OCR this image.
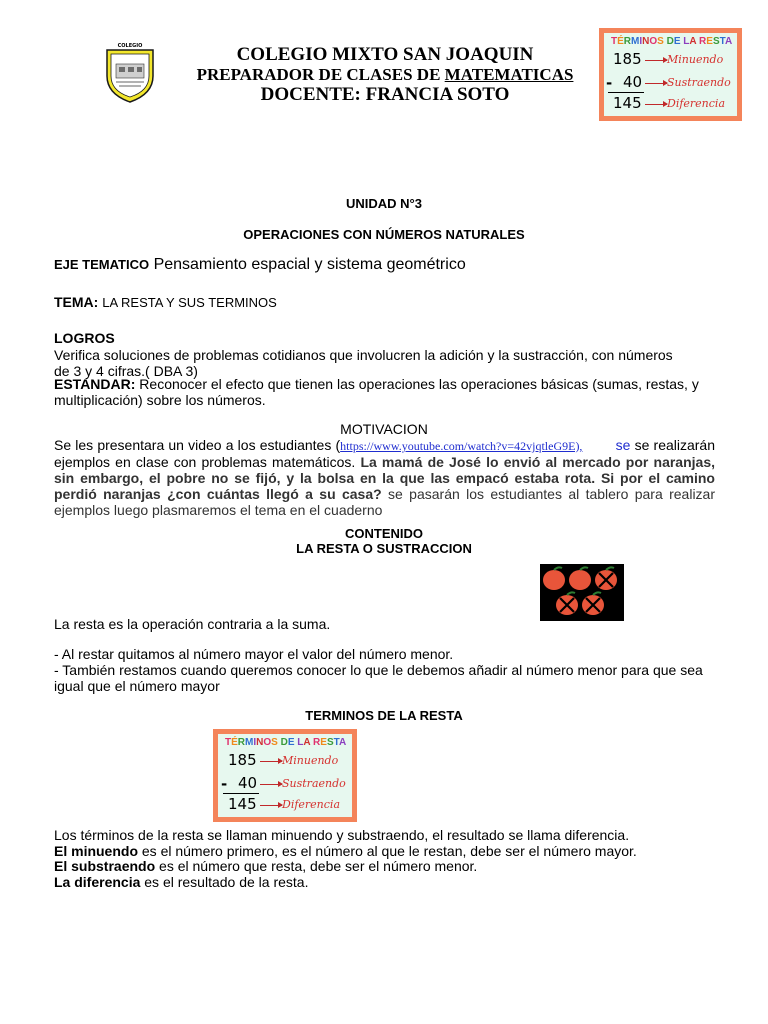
COLEGIO	COLEGIO MIXTO SAN JOAQUIN
PREPARADOR DE CLASES DE MATEMATICAS
DOCENTE: FRANCIA SOTO
TÉRMINOS DE LA RESTA
185 Minuendo
- 40 Sustraendo
145 Diferencia
UNIDAD N°3
OPERACIONES CON NÚMEROS NATURALES
EJE TEMATICO Pensamiento espacial y sistema geométrico
TEMA: LA RESTA Y SUS TERMINOS
LOGROS
Verifica soluciones de problemas cotidianos que involucren la adición y la sustracción, con números de 3 y 4 cifras.( DBA 3)
ESTANDAR: Reconocer el efecto que tienen las operaciones las operaciones básicas (sumas, restas, y multiplicación) sobre los números.
MOTIVACION
Se les presentara un video a los estudiantes (https://www.youtube.com/watch?v=42vjqtleG9E), se se realizarán ejemplos en clase con problemas matemáticos. La mamá de José lo envió al mercado por naranjas, sin embargo, el pobre no se fijó, y la bolsa en la que las empacó estaba rota. Si por el camino perdió naranjas ¿con cuántas llegó a su casa? se pasarán los estudiantes al tablero para realizar ejemplos luego plasmaremos el tema en el cuaderno
CONTENIDO
LA RESTA O SUSTRACCION
La resta es la operación contraria a la suma.
- Al restar quitamos al número mayor el valor del número menor.
- También restamos cuando queremos conocer lo que le debemos añadir al número menor para que sea igual que el número mayor
TERMINOS DE LA RESTA
TÉRMINOS DE LA RESTA
185 Minuendo
- 40 Sustraendo
145 Diferencia
Los términos de la resta se llaman minuendo y substraendo, el resultado se llama diferencia.
El minuendo es el número primero, es el número al que le restan, debe ser el número mayor.
El substraendo es el número que resta, debe ser el número menor.
La diferencia es el resultado de la resta.
